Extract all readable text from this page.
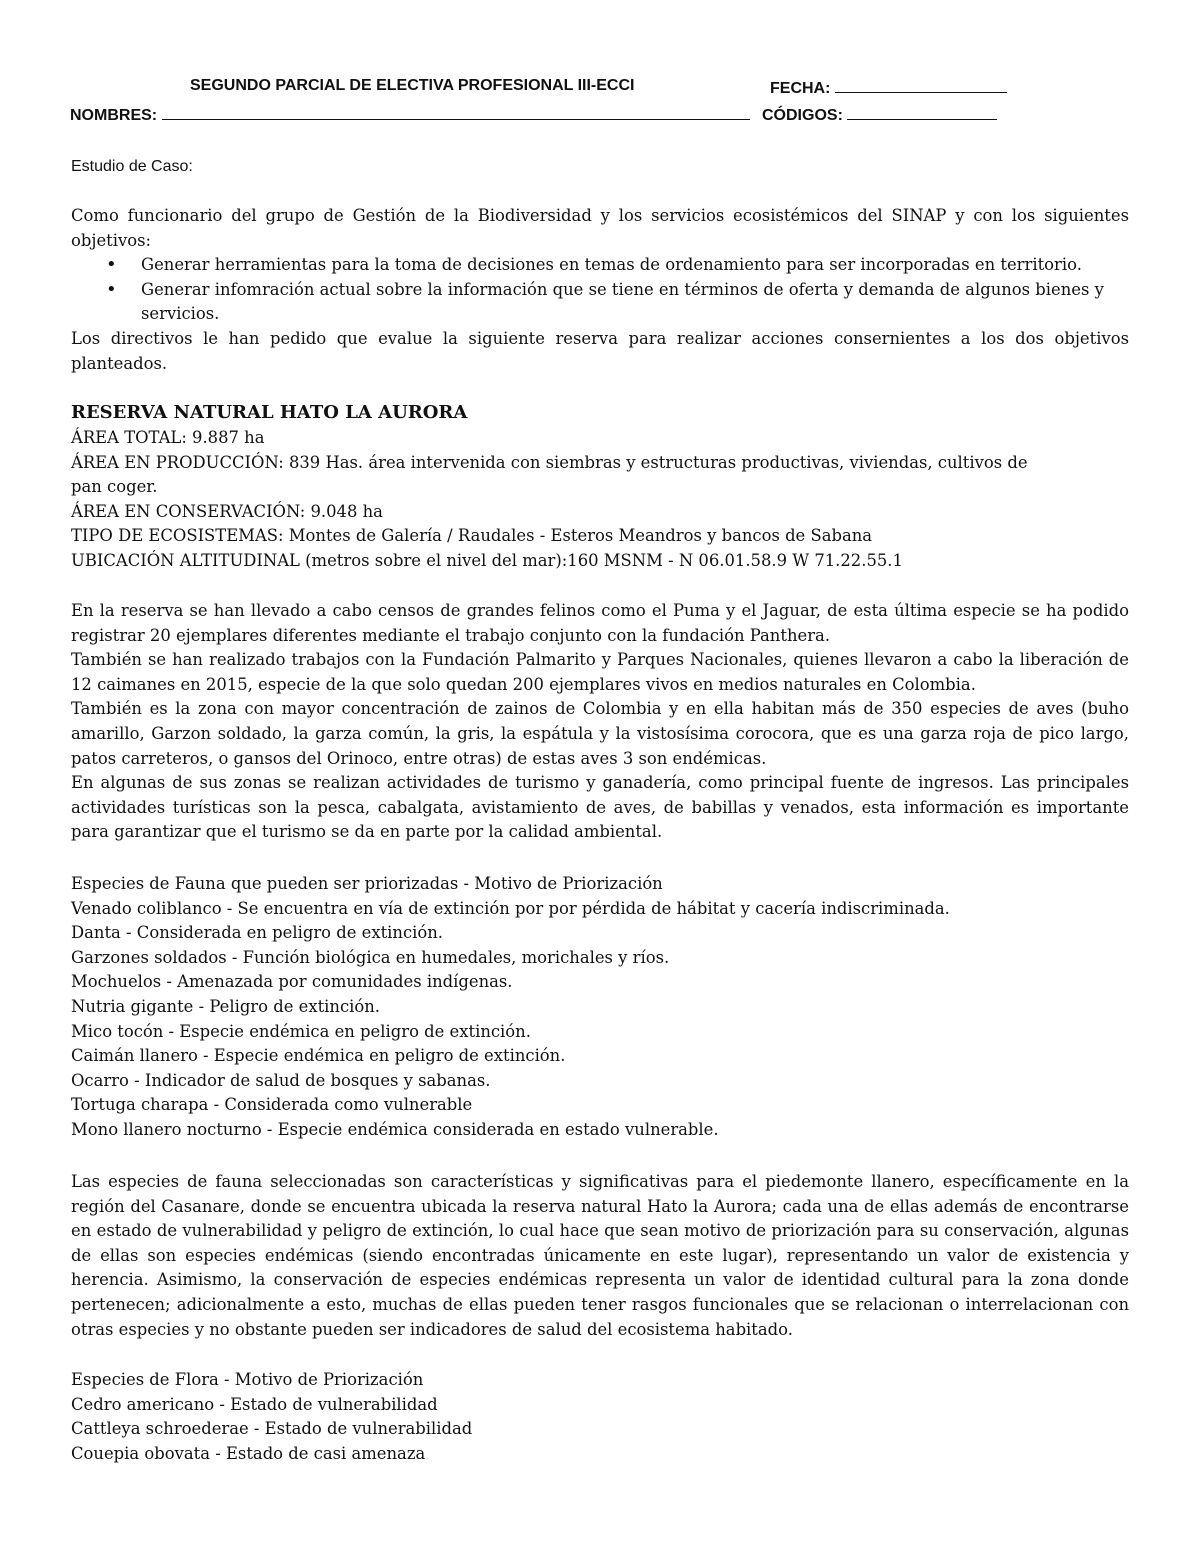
SEGUNDO PARCIAL DE ELECTIVA PROFESIONAL III-ECCI	FECHA:
NOMBRES:	CÓDIGOS:
Estudio de Caso:

Como funcionario del grupo de Gestión de la Biodiversidad y los servicios ecosistémicos del SINAP y con los siguientes objetivos:

• Generar herramientas para la toma de decisiones en temas de ordenamiento para ser incorporadas en territorio.
• Generar infomración actual sobre la información que se tiene en términos de oferta y demanda de algunos bienes y servicios.

Los directivos le han pedido que evalue la siguiente reserva para realizar acciones consernientes a los dos objetivos planteados.

RESERVA NATURAL HATO LA AURORA
ÁREA TOTAL: 9.887 ha
ÁREA EN PRODUCCIÓN: 839 Has. área intervenida con siembras y estructuras productivas, viviendas, cultivos de
pan coger.
ÁREA EN CONSERVACIÓN: 9.048 ha
TIPO DE ECOSISTEMAS: Montes de Galería / Raudales - Esteros Meandros y bancos de Sabana
UBICACIÓN ALTITUDINAL (metros sobre el nivel del mar):160 MSNM - N 06.01.58.9 W 71.22.55.1

En la reserva se han llevado a cabo censos de grandes felinos como el Puma y el Jaguar, de esta última especie se ha podido registrar 20 ejemplares diferentes mediante el trabajo conjunto con la fundación Panthera.

También se han realizado trabajos con la Fundación Palmarito y Parques Nacionales, quienes llevaron a cabo la liberación de 12 caimanes en 2015, especie de la que solo quedan 200 ejemplares vivos en medios naturales en Colombia.

También es la zona con mayor concentración de zainos de Colombia y en ella habitan más de 350 especies de aves (buho amarillo, Garzon soldado, la garza común, la gris, la espátula y la vistosísima corocora, que es una garza roja de pico largo, patos carreteros, o gansos del Orinoco, entre otras) de estas aves 3 son endémicas.

En algunas de sus zonas se realizan actividades de turismo y ganadería, como principal fuente de ingresos. Las principales actividades turísticas son la pesca, cabalgata, avistamiento de aves, de babillas y venados, esta información es importante para garantizar que el turismo se da en parte por la calidad ambiental.

Especies de Fauna que pueden ser priorizadas - Motivo de Priorización
Venado coliblanco - Se encuentra en vía de extinción por por pérdida de hábitat y cacería indiscriminada.
Danta - Considerada en peligro de extinción.
Garzones soldados - Función biológica en humedales, morichales y ríos.
Mochuelos - Amenazada por comunidades indígenas.
Nutria gigante - Peligro de extinción.
Mico tocón - Especie endémica en peligro de extinción.
Caimán llanero - Especie endémica en peligro de extinción.
Ocarro - Indicador de salud de bosques y sabanas.
Tortuga charapa - Considerada como vulnerable
Mono llanero nocturno - Especie endémica considerada en estado vulnerable.

Las especies de fauna seleccionadas son características y significativas para el piedemonte llanero, específicamente en la región del Casanare, donde se encuentra ubicada la reserva natural Hato la Aurora; cada una de ellas además de encontrarse en estado de vulnerabilidad y peligro de extinción, lo cual hace que sean motivo de priorización para su conservación, algunas de ellas son especies endémicas (siendo encontradas únicamente en este lugar), representando un valor de existencia y herencia. Asimismo, la conservación de especies endémicas representa un valor de identidad cultural para la zona donde pertenecen; adicionalmente a esto, muchas de ellas pueden tener rasgos funcionales que se relacionan o interrelacionan con otras especies y no obstante pueden ser indicadores de salud del ecosistema habitado.

Especies de Flora - Motivo de Priorización
Cedro americano - Estado de vulnerabilidad
Cattleya schroederae - Estado de vulnerabilidad
Couepia obovata - Estado de casi amenaza
